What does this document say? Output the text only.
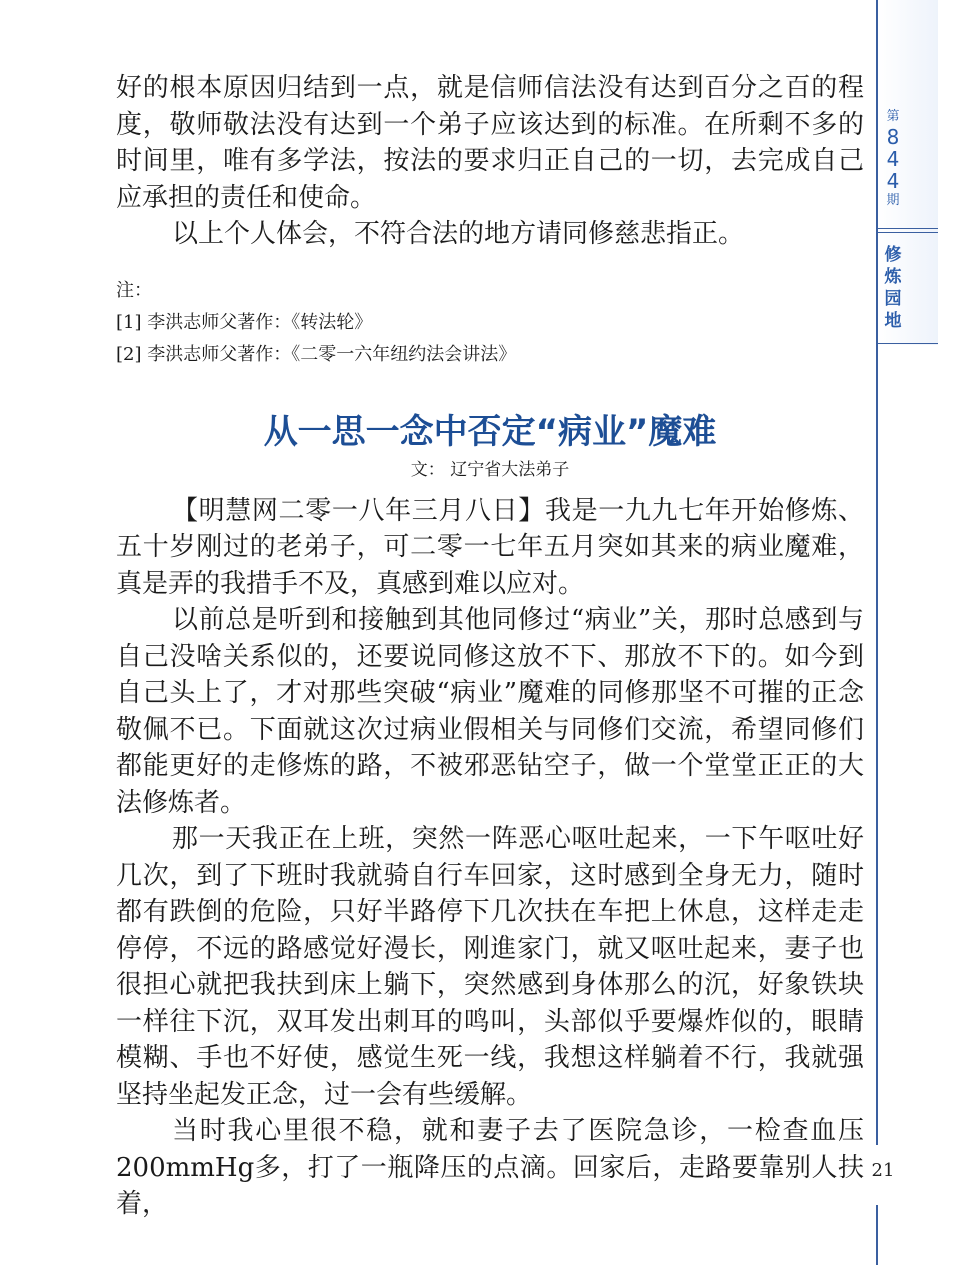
好的根本原因归结到一点，就是信师信法没有达到百分之百的程度，敬师敬法没有达到一个弟子应该达到的标准。在所剩不多的时间里，唯有多学法，按法的要求归正自己的一切，去完成自己应承担的责任和使命。

以上个人体会，不符合法的地方请同修慈悲指正。

注：

[1] 李洪志师父著作：《转法轮》

[2] 李洪志师父著作：《二零一六年纽约法会讲法》

从一思一念中否定“病业”魔难
文： 辽宁省大法弟子

【明慧网二零一八年三月八日】我是一九九七年开始修炼、五十岁刚过的老弟子，可二零一七年五月突如其来的病业魔难，真是弄的我措手不及，真感到难以应对。

以前总是听到和接触到其他同修过“病业”关，那时总感到与自己没啥关系似的，还要说同修这放不下、那放不下的。如今到自己头上了，才对那些突破“病业”魔难的同修那坚不可摧的正念敬佩不已。下面就这次过病业假相关与同修们交流，希望同修们都能更好的走修炼的路，不被邪恶钻空子，做一个堂堂正正的大法修炼者。

那一天我正在上班，突然一阵恶心呕吐起来，一下午呕吐好几次，到了下班时我就骑自行车回家，这时感到全身无力，随时都有跌倒的危险，只好半路停下几次扶在车把上休息，这样走走停停，不远的路感觉好漫长，刚進家门，就又呕吐起来，妻子也很担心就把我扶到床上躺下，突然感到身体那么的沉，好象铁块一样往下沉，双耳发出刺耳的鸣叫，头部似乎要爆炸似的，眼睛模糊、手也不好使，感觉生死一线，我想这样躺着不行，我就强坚持坐起发正念，过一会有些缓解。

当时我心里很不稳，就和妻子去了医院急诊，一检查血压200mmHg多，打了一瓶降压的点滴。回家后，走路要靠别人扶着，

第
8
4
4
期
修
炼
园
地
21
